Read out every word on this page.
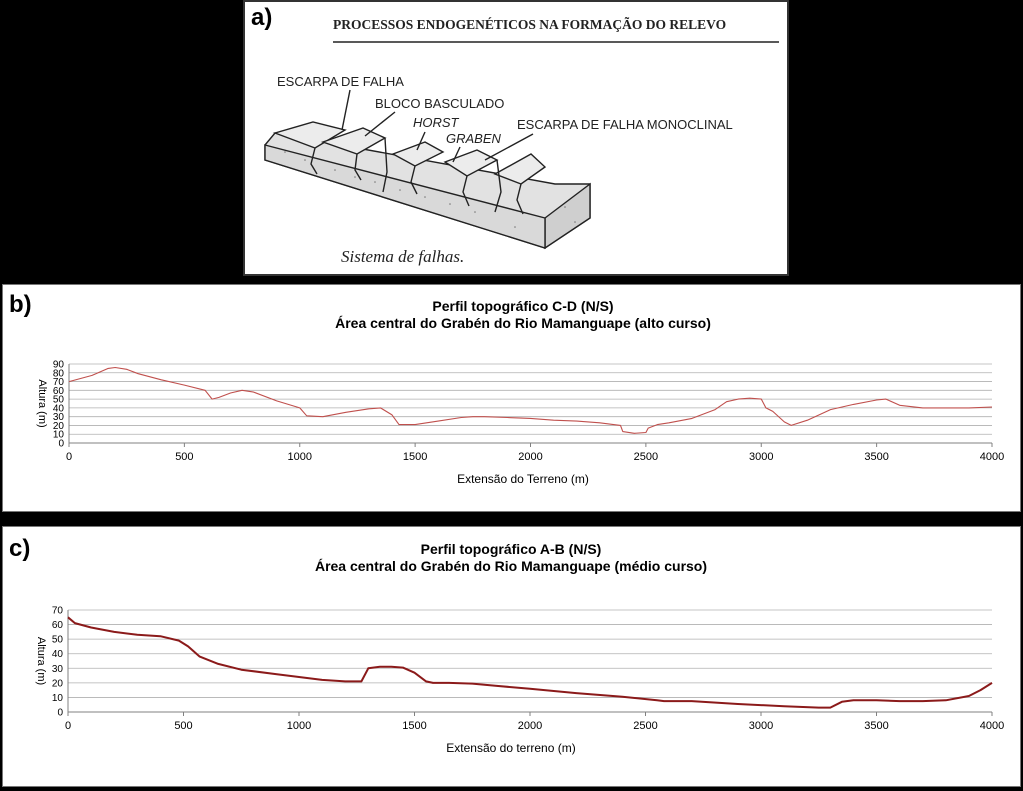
a)	PROCESSOS ENDOGENÉTICOS NA FORMAÇÃO DO RELEVO
ESCARPA DE FALHA
BLOCO BASCULADO
HORST
GRABEN
ESCARPA DE FALHA MONOCLINAL
Sistema de falhas.
b)	Perfil topográfico C-D (N/S)
Área central do Grabén do Rio Mamanguape (alto curso)
0
10
20
30
40
50
60
70
80
90
0	500	1000	1500	2000	2500	3000	3500	4000
Extensão do Terreno (m)
Altura (m)
c)	Perfil topográfico A-B (N/S)
Área central do Grabén do Rio Mamanguape (médio curso)
0
10
20
30
40
50
60
70
0	500	1000	1500	2000	2500	3000	3500	4000
Extensão do terreno (m)
Altura (m)
